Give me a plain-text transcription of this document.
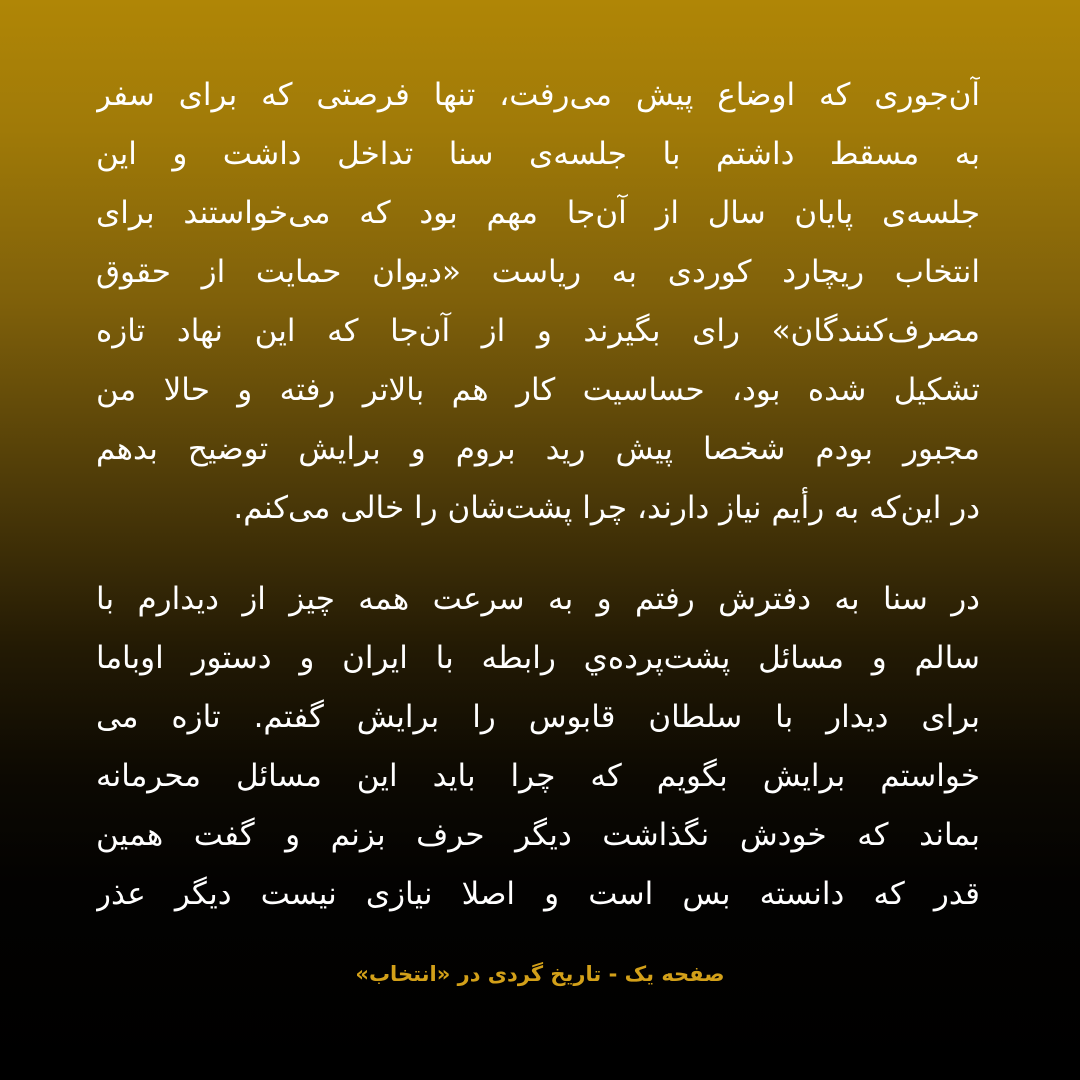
آن‌جوری که اوضاع پیش می‌رفت، تنها فرصتی که برای سفر
به مسقط داشتم با جلسه‌ی سنا تداخل داشت و این
جلسه‌ی پایان سال از آن‌جا مهم بود که می‌خواستند برای
انتخاب ریچارد کوردی به ریاست «دیوان حمایت از حقوق
مصرف‌کنندگان» رای بگیرند و از آن‌جا که این نهاد تازه
تشکیل شده بود، حساسیت کار هم بالاتر رفته و حالا من
مجبور بودم شخصا پیش رید بروم و برایش توضیح بدهم
در این‌که به رأیم نیاز دارند، چرا پشت‌شان را خالی می‌کنم.
در سنا به دفترش رفتم و به سرعت همه چیز از دیدارم با
سالم و مسائل پشت‌پرده‌ي رابطه با ایران و دستور اوباما
برای دیدار با سلطان قابوس را برایش گفتم. تازه می
خواستم برایش بگویم که چرا باید این مسائل محرمانه
بماند که خودش نگذاشت دیگر حرف بزنم و گفت همین
قدر که دانسته بس است و اصلا نیازی نیست دیگر عذر
صفحه یک - تاریخ گردی در «انتخاب»
